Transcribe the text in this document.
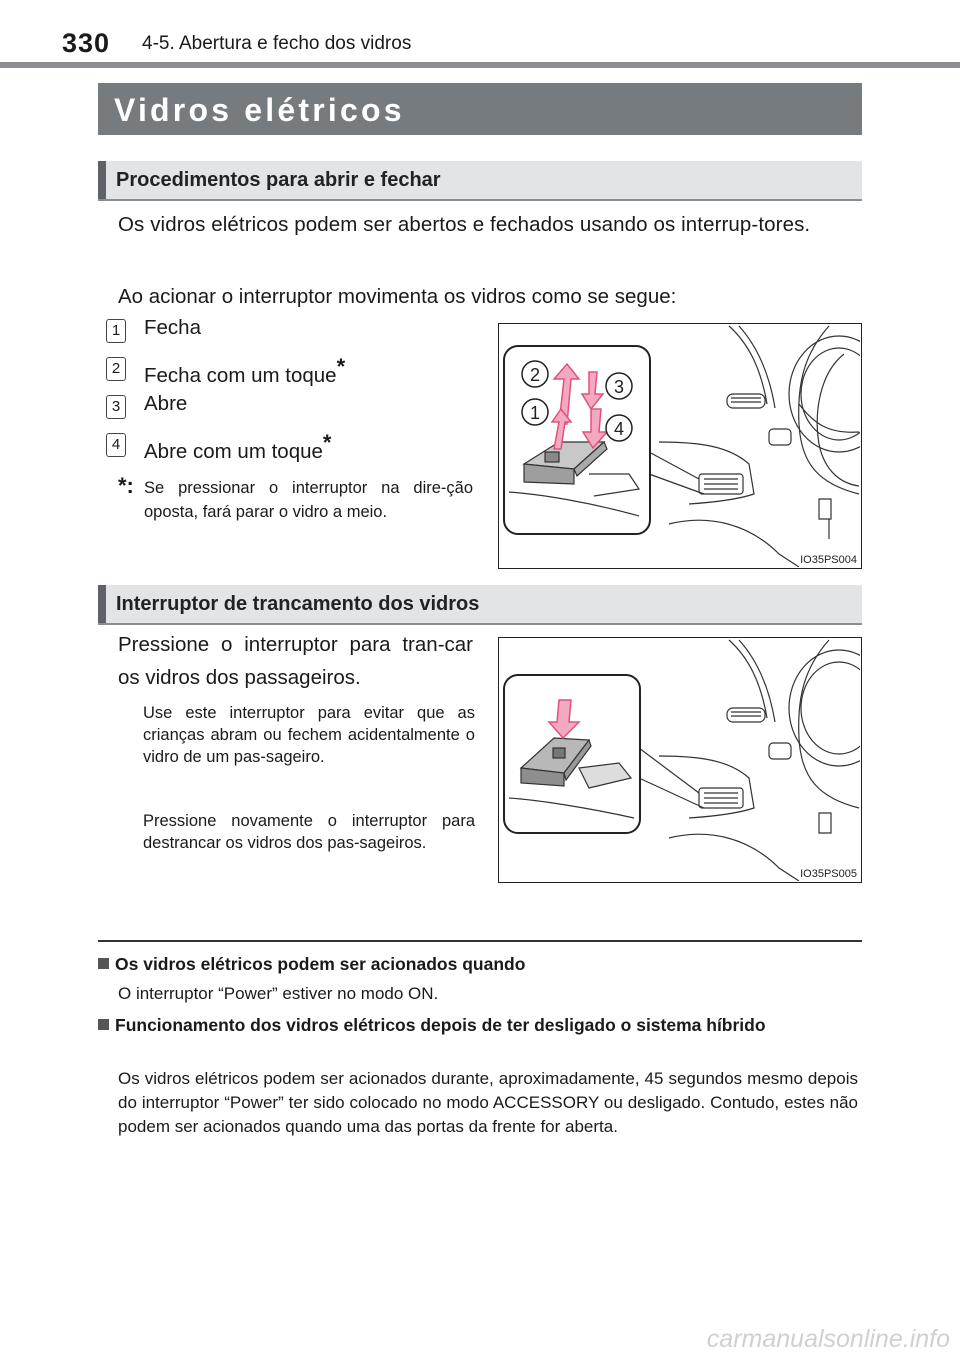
330 4-5. Abertura e fecho dos vidros
Vidros elétricos
Procedimentos para abrir e fechar
Os vidros elétricos podem ser abertos e fechados usando os interrup-tores.
Ao acionar o interruptor movimenta os vidros como se segue:
1 Fecha
2 Fecha com um toque*
3 Abre
4 Abre com um toque*
*: Se pressionar o interruptor na dire-ção oposta, fará parar o vidro a meio.
2
3
1
4
IO35PS004
Interruptor de trancamento dos vidros
Pressione o interruptor para tran-car os vidros dos passageiros.
Use este interruptor para evitar que as crianças abram ou fechem acidentalmente o vidro de um pas-sageiro.
Pressione novamente o interruptor para destrancar os vidros dos pas-sageiros.
IO35PS005
Os vidros elétricos podem ser acionados quando
O interruptor “Power” estiver no modo ON.
Funcionamento dos vidros elétricos depois de ter desligado o sistema híbrido
Os vidros elétricos podem ser acionados durante, aproximadamente, 45 segundos mesmo depois do interruptor “Power” ter sido colocado no modo ACCESSORY ou desligado. Contudo, estes não podem ser acionados quando uma das portas da frente for aberta.
carmanualsonline.info
